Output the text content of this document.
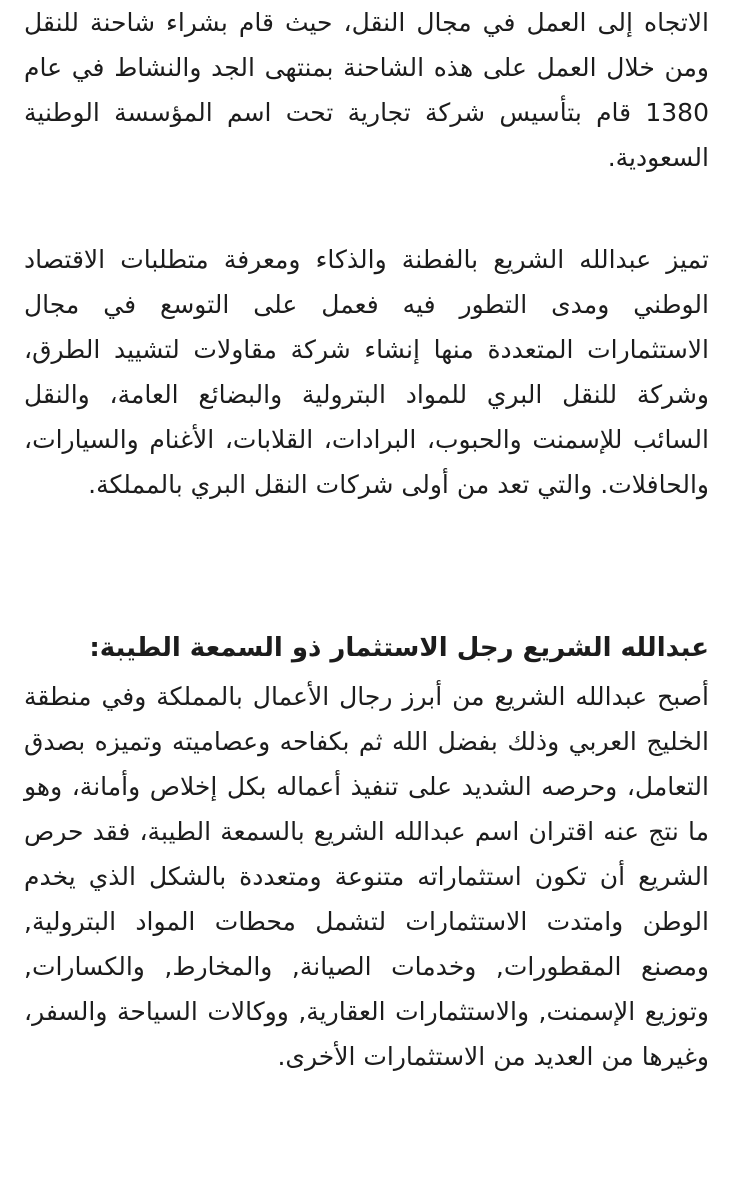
الاتجاه إلى العمل في مجال النقل، حيث قام بشراء شاحنة للنقل ومن خلال العمل على هذه الشاحنة بمنتهى الجد والنشاط في عام 1380 قام بتأسيس شركة تجارية تحت اسم المؤسسة الوطنية السعودية.

تميز عبدالله الشريع بالفطنة والذكاء ومعرفة متطلبات الاقتصاد الوطني ومدى التطور فيه فعمل على التوسع في مجال الاستثمارات المتعددة منها إنشاء شركة مقاولات لتشييد الطرق، وشركة للنقل البري للمواد البترولية والبضائع العامة، والنقل السائب للإسمنت والحبوب، البرادات، القلابات، الأغنام والسيارات، والحافلات. والتي تعد من أولى شركات النقل البري بالمملكة.

عبدالله الشريع رجل الاستثمار ذو السمعة الطيبة:

أصبح عبدالله الشريع من أبرز رجال الأعمال بالمملكة وفي منطقة الخليج العربي وذلك بفضل الله ثم بكفاحه وعصاميته وتميزه بصدق التعامل، وحرصه الشديد على تنفيذ أعماله بكل إخلاص وأمانة، وهو ما نتج عنه اقتران اسم عبدالله الشريع بالسمعة الطيبة، فقد حرص الشريع أن تكون استثماراته متنوعة ومتعددة بالشكل الذي يخدم الوطن وامتدت الاستثمارات لتشمل محطات المواد البترولية, ومصنع المقطورات, وخدمات الصيانة, والمخارط, والكسارات, وتوزيع الإسمنت, والاستثمارات العقارية, ووكالات السياحة والسفر، وغيرها من العديد من الاستثمارات الأخرى.
